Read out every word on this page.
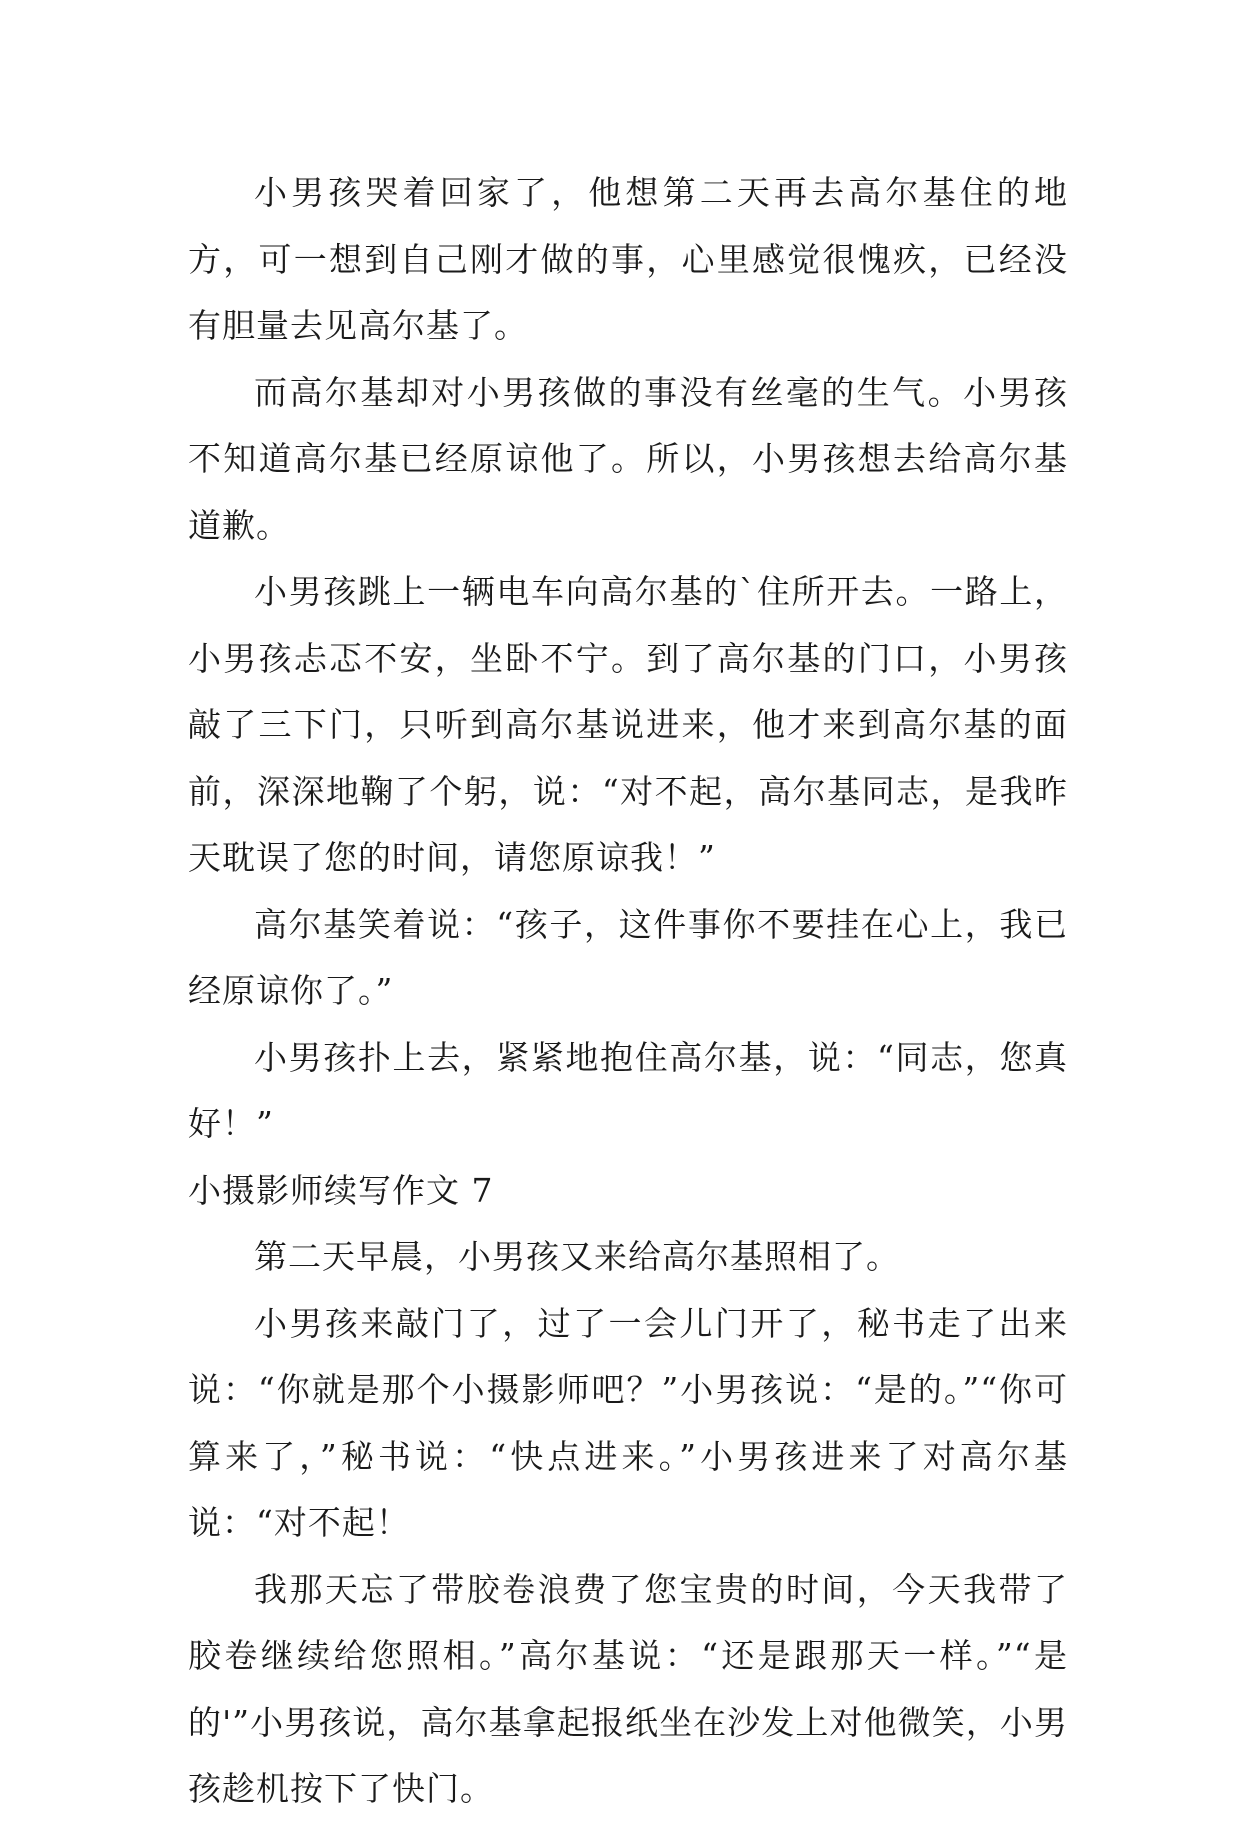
小男孩哭着回家了，他想第二天再去高尔基住的地方，可一想到自己刚才做的事，心里感觉很愧疚，已经没有胆量去见高尔基了。

而高尔基却对小男孩做的事没有丝毫的生气。小男孩不知道高尔基已经原谅他了。所以，小男孩想去给高尔基道歉。

小男孩跳上一辆电车向高尔基的`住所开去。一路上，小男孩忐忑不安，坐卧不宁。到了高尔基的门口，小男孩敲了三下门，只听到高尔基说进来，他才来到高尔基的面前，深深地鞠了个躬，说：“对不起，高尔基同志，是我昨天耽误了您的时间，请您原谅我！”

高尔基笑着说：“孩子，这件事你不要挂在心上，我已经原谅你了。”

小男孩扑上去，紧紧地抱住高尔基，说：“同志，您真好！”

小摄影师续写作文 7

第二天早晨，小男孩又来给高尔基照相了。

小男孩来敲门了，过了一会儿门开了，秘书走了出来说：“你就是那个小摄影师吧？”小男孩说：“是的。”“你可算来了，”秘书说：“快点进来。”小男孩进来了对高尔基说：“对不起！

我那天忘了带胶卷浪费了您宝贵的时间，今天我带了胶卷继续给您照相。”高尔基说：“还是跟那天一样。”“是的'”小男孩说，高尔基拿起报纸坐在沙发上对他微笑，小男孩趁机按下了快门。
